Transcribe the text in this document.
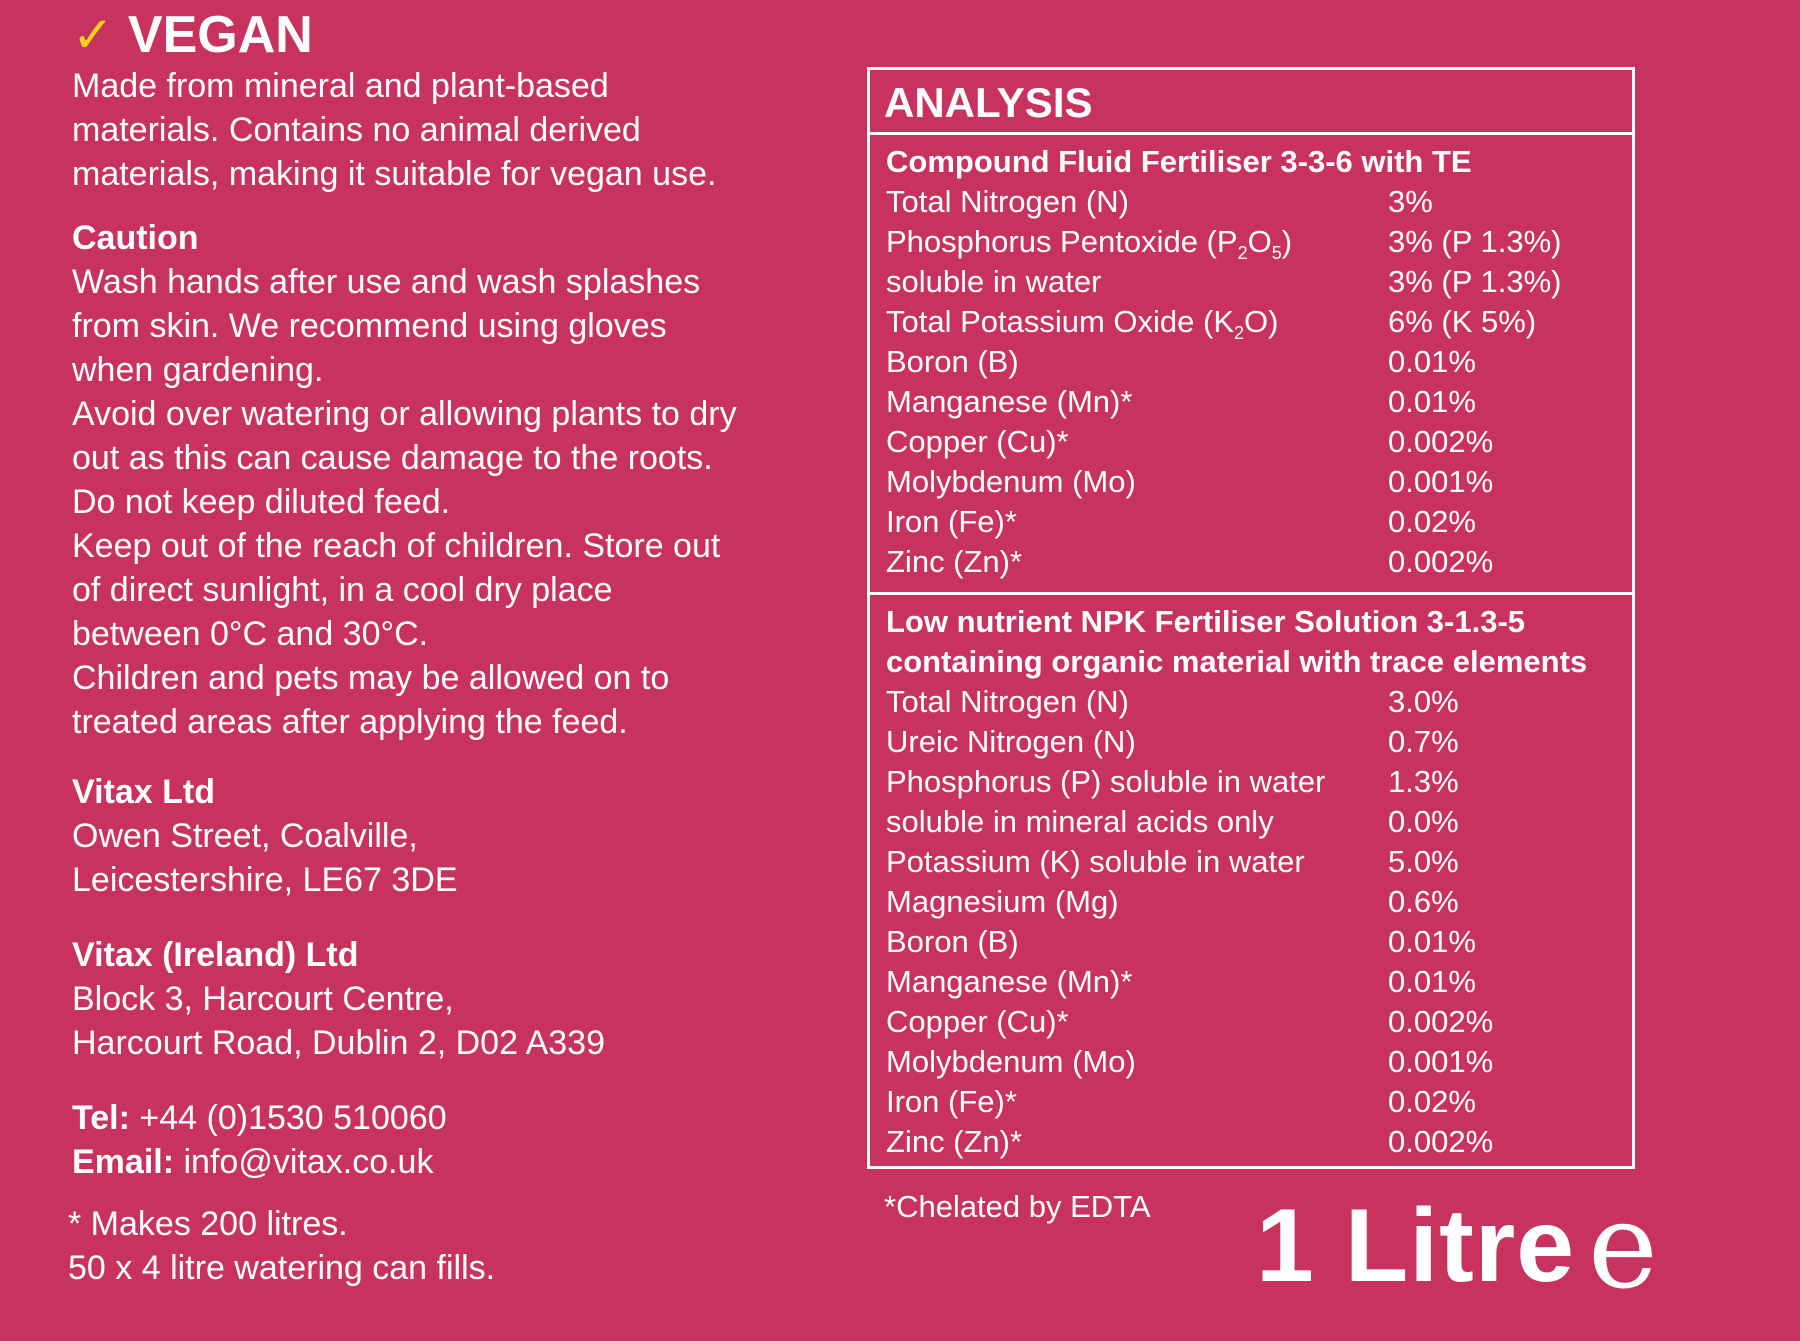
✓ VEGAN
Made from mineral and plant-based
materials. Contains no animal derived
materials, making it suitable for vegan use.
Caution
Wash hands after use and wash splashes
from skin. We recommend using gloves
when gardening.
Avoid over watering or allowing plants to dry
out as this can cause damage to the roots.
Do not keep diluted feed.
Keep out of the reach of children. Store out
of direct sunlight, in a cool dry place
between 0°C and 30°C.
Children and pets may be allowed on to
treated areas after applying the feed.
Vitax Ltd
Owen Street, Coalville,
Leicestershire, LE67 3DE
Vitax (Ireland) Ltd
Block 3, Harcourt Centre,
Harcourt Road, Dublin 2, D02 A339
Tel: +44 (0)1530 510060
Email: info@vitax.co.uk
* Makes 200 litres.
50 x 4 litre watering can fills.
ANALYSIS
Compound Fluid Fertiliser 3-3-6 with TE
Total Nitrogen (N)	3%
Phosphorus Pentoxide $(P_2O_5)$	3% (P 1.3%)
soluble in water	3% (P 1.3%)
Total Potassium Oxide $(K_2O)$	6% (K 5%)
Boron (B)	0.01%
Manganese (Mn)*	0.01%
Copper (Cu)*	0.002%
Molybdenum (Mo)	0.001%
Iron (Fe)*	0.02%
Zinc (Zn)*	0.002%
Low nutrient NPK Fertiliser Solution 3-1.3-5
containing organic material with trace elements
Total Nitrogen (N)	3.0%
Ureic Nitrogen (N)	0.7%
Phosphorus (P) soluble in water 1.3%
soluble in mineral acids only	0.0%
Potassium (K) soluble in water	5.0%
Magnesium (Mg)	0.6%
Boron (B)	0.01%
Manganese (Mn)*	0.01%
Copper (Cu)*	0.002%
Molybdenum (Mo)	0.001%
Iron (Fe)*	0.02%
Zinc (Zn)*	0.002%
*Chelated by EDTA 1 Litre e
